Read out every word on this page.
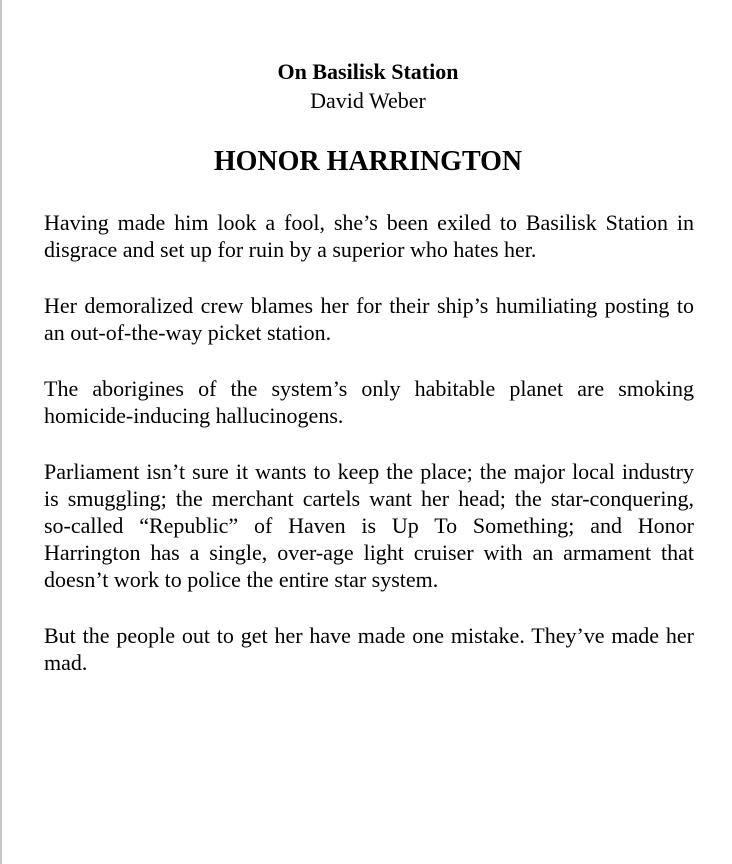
On Basilisk Station
David Weber
HONOR HARRINGTON

Having made him look a fool, she’s been exiled to Basilisk Station in disgrace and set up for ruin by a superior who hates her.

Her demoralized crew blames her for their ship’s humiliating posting to an out-of-the-way picket station.

The aborigines of the system’s only habitable planet are smoking homicide-inducing hallucinogens.

Parliament isn’t sure it wants to keep the place; the major local industry is smuggling; the merchant cartels want her head; the star-conquering, so-called “Republic” of Haven is Up To Something; and Honor Harrington has a single, over-age light cruiser with an armament that doesn’t work to police the entire star system.

But the people out to get her have made one mistake. They’ve made her mad.
